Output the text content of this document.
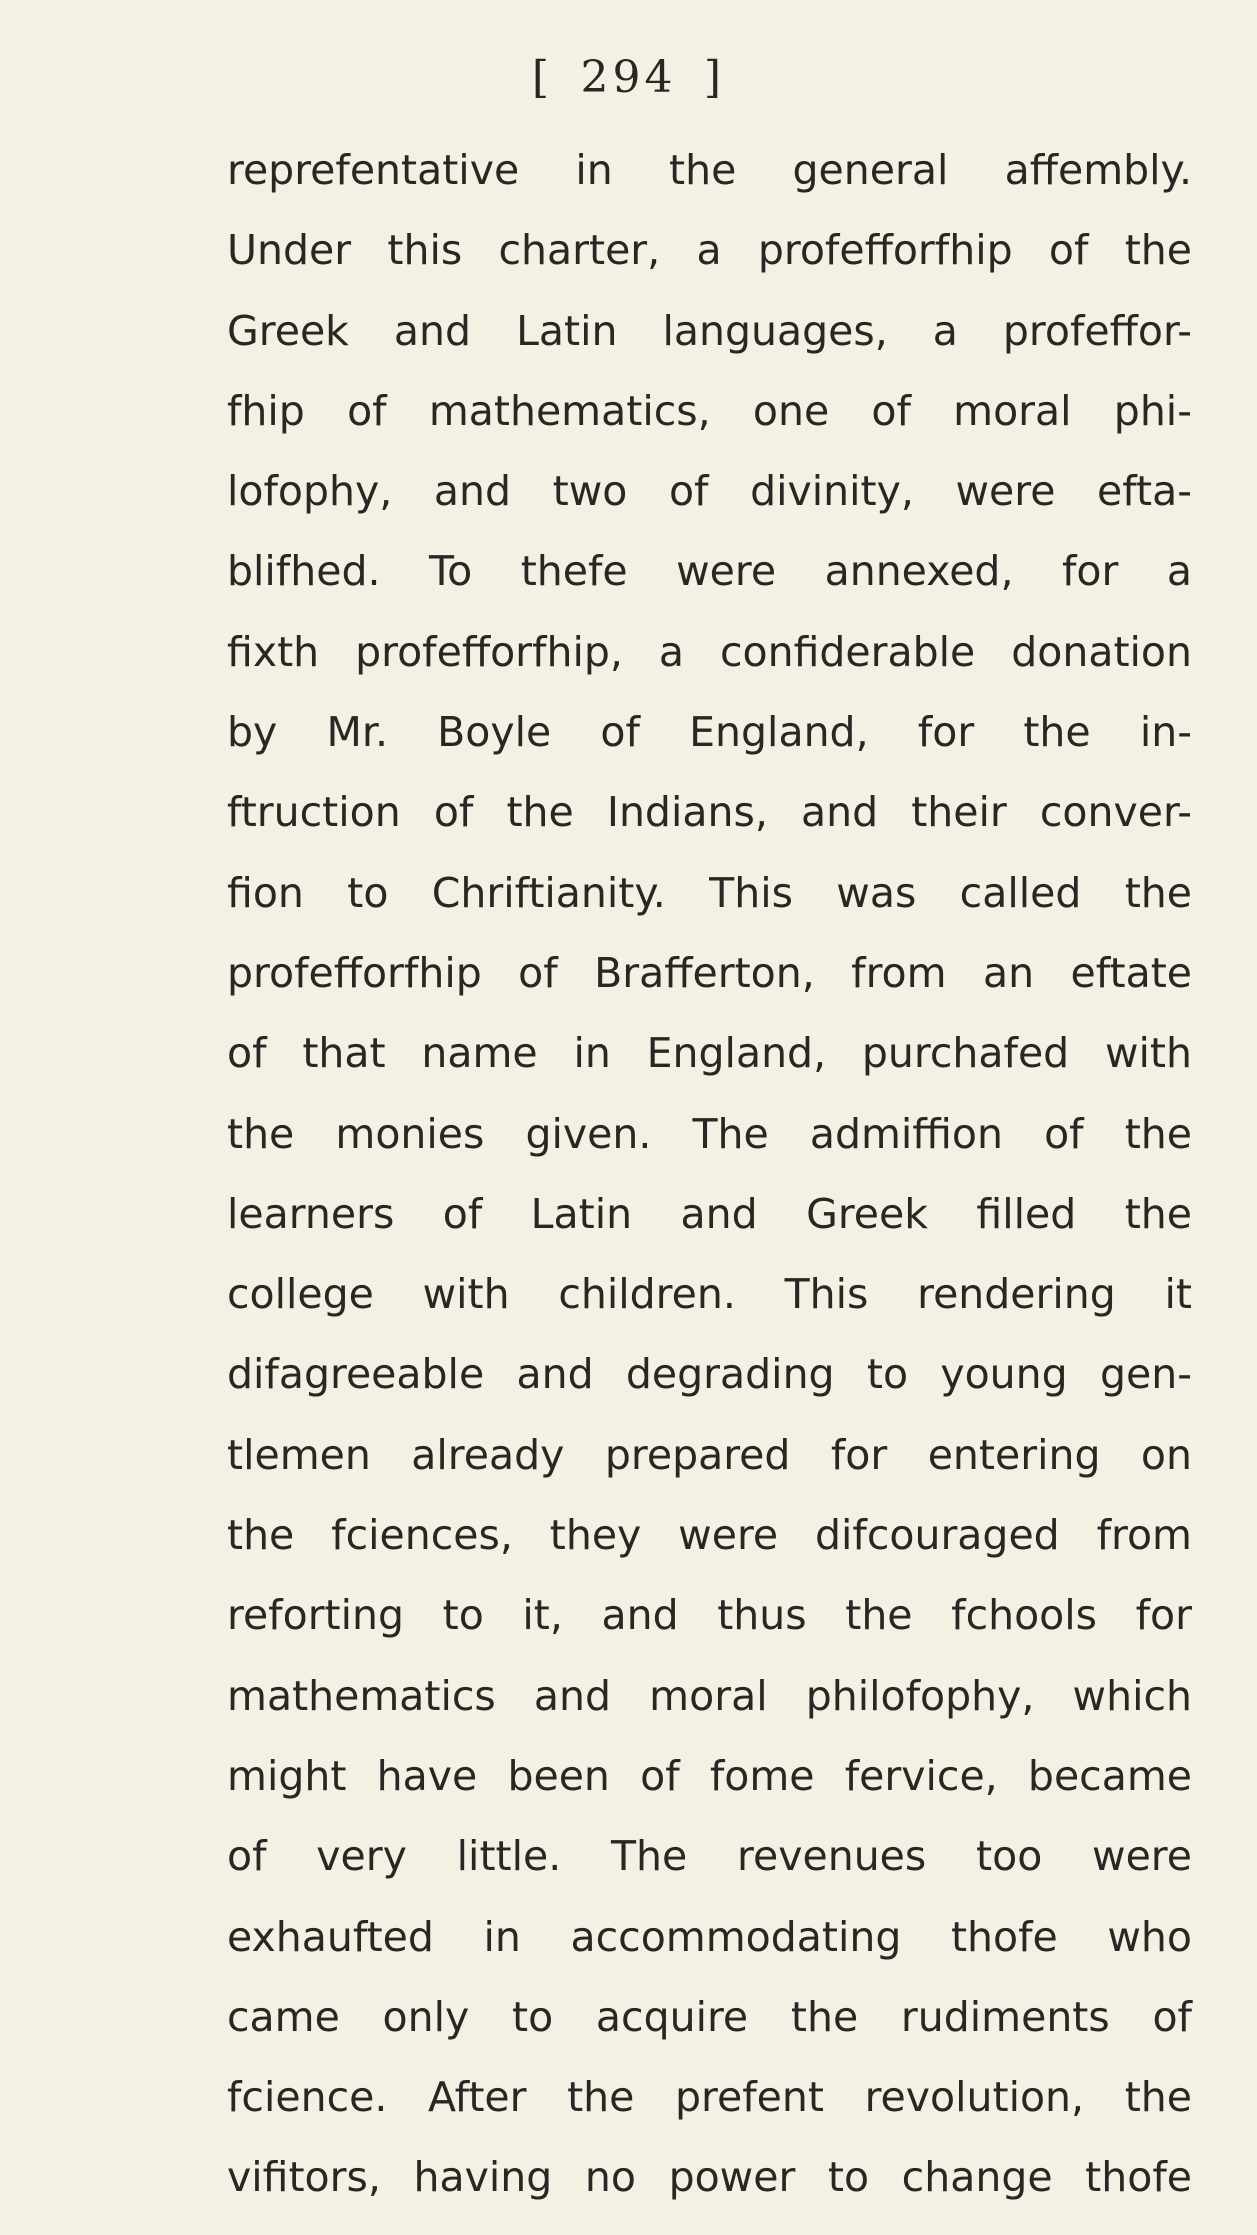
[ 294 ]
reprefentative in the general affembly.
Under this charter, a profefforfhip of the
Greek and Latin languages, a profeffor-
fhip of mathematics, one of moral phi-
lofophy, and two of divinity, were efta-
blifhed. To thefe were annexed, for a
fixth profefforfhip, a confiderable donation
by Mr. Boyle of England, for the in-
ftruction of the Indians, and their conver-
fion to Chriftianity. This was called the
profefforfhip of Brafferton, from an eftate
of that name in England, purchafed with
the monies given. The admiffion of the
learners of Latin and Greek filled the
college with children. This rendering it
difagreeable and degrading to young gen-
tlemen already prepared for entering on
the fciences, they were difcouraged from
reforting to it, and thus the fchools for
mathematics and moral philofophy, which
might have been of fome fervice, became
of very little. The revenues too were
exhaufted in accommodating thofe who
came only to acquire the rudiments of
fcience. After the prefent revolution, the
vifitors, having no power to change thofe
